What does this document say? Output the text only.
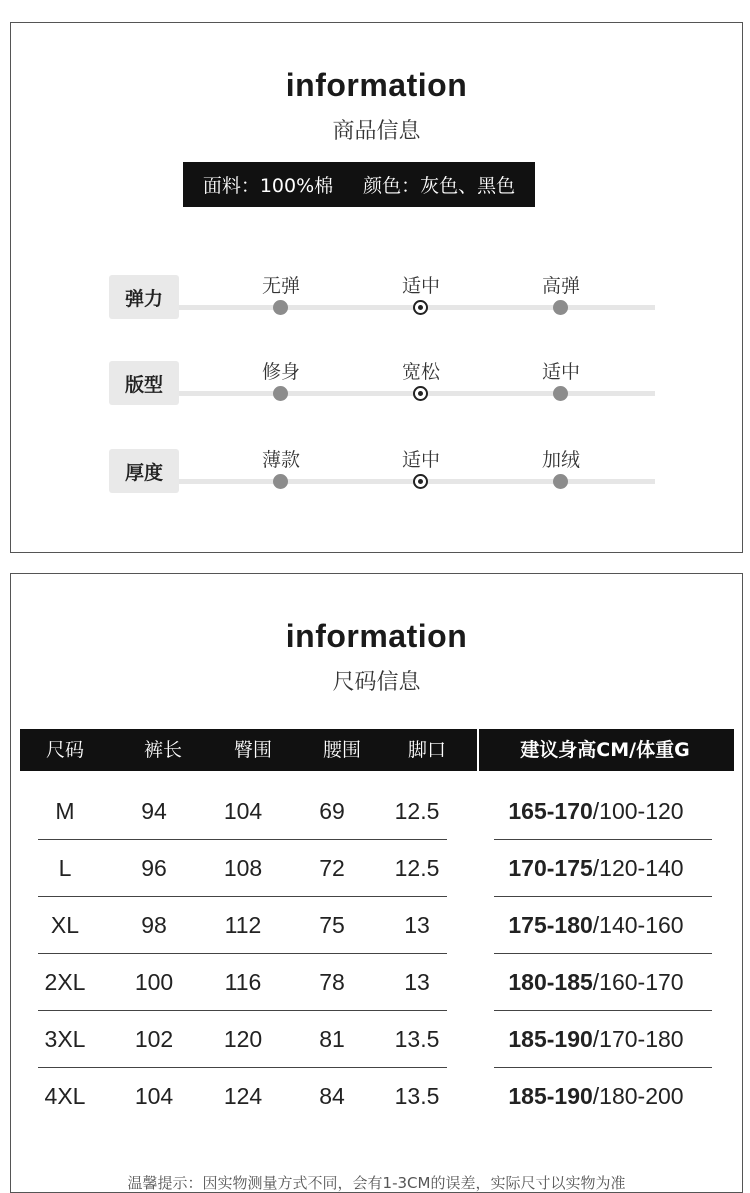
information
商品信息
面料：100%棉 颜色：灰色、黑色
弹力
无弹	适中	高弹
版型
修身	宽松	适中
厚度
薄款	适中	加绒
information
尺码信息
尺码	裤长	臀围	腰围	脚口	建议身高CM/体重G
M	94	104	69	12.5	165-170/100-120
L	96	108	72	12.5	170-175/120-140
XL	98	112	75	13	175-180/140-160
2XL	100	116	78	13	180-185/160-170
3XL	102	120	81	13.5	185-190/170-180
4XL	104	124	84	13.5	185-190/180-200
温馨提示：因实物测量方式不同，会有1-3CM的误差，实际尺寸以实物为准
